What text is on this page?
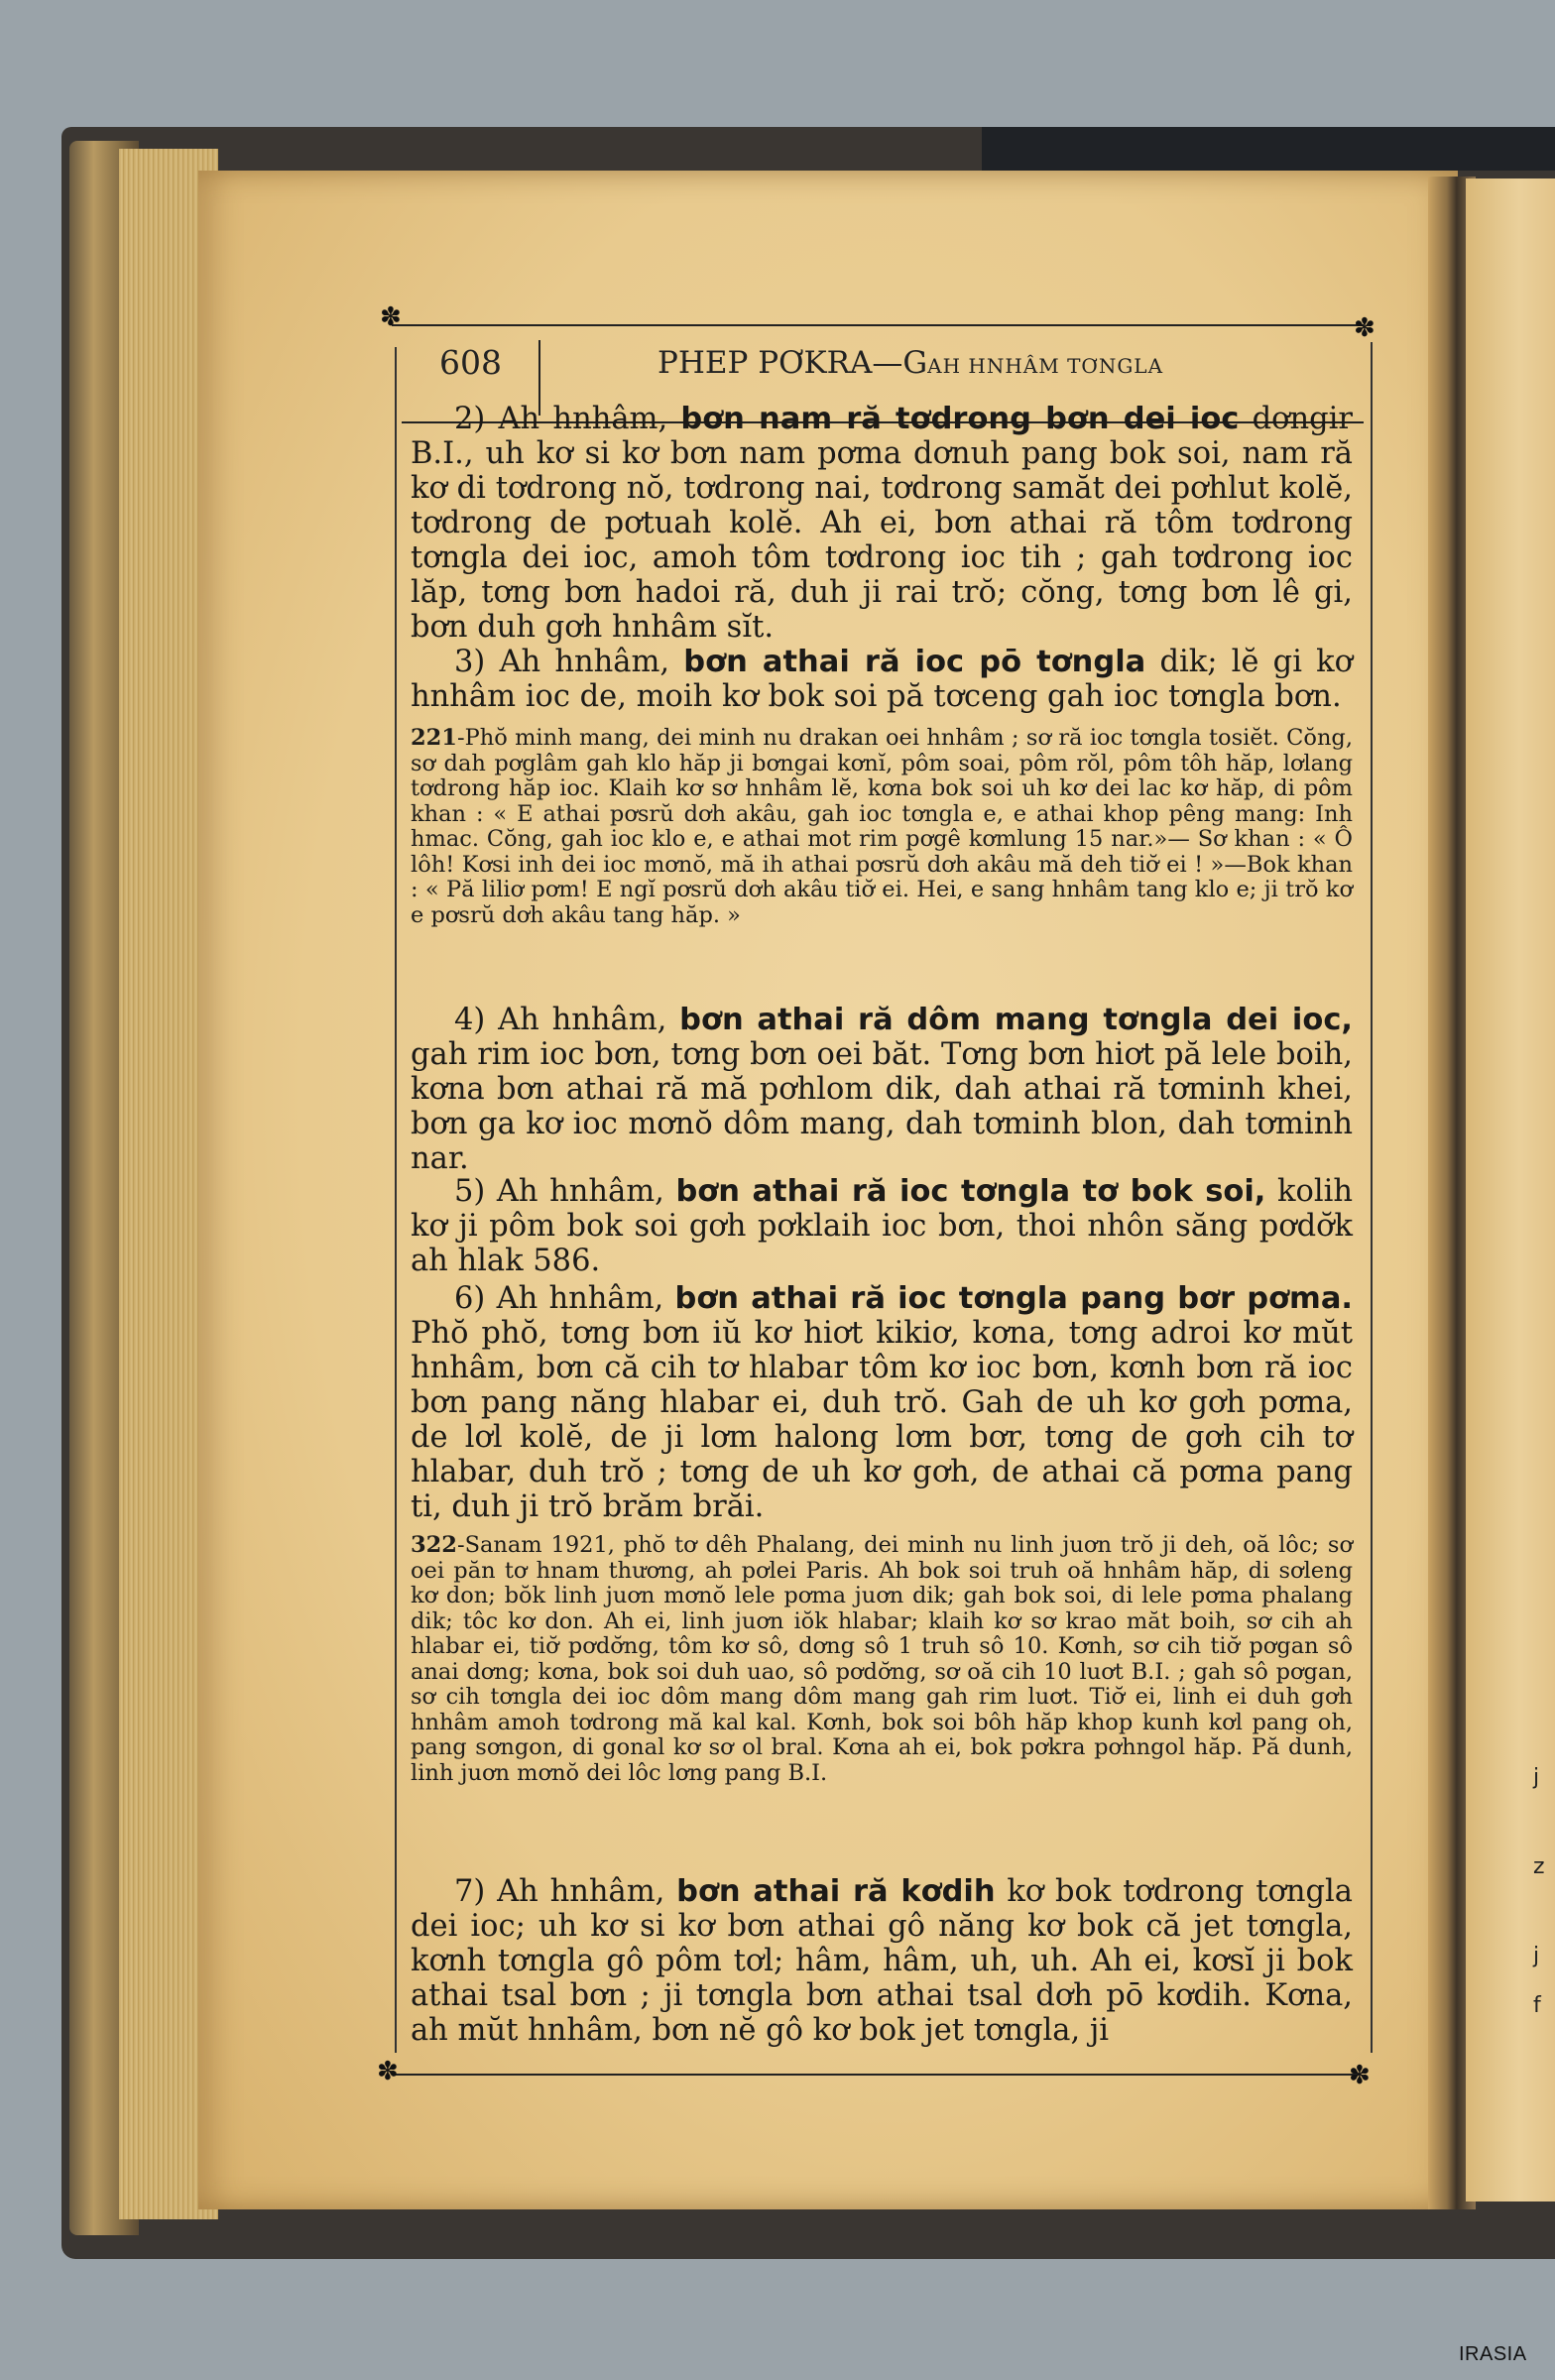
j
z
j
f
✽	✽
✽	✽
608	PHEP PƠKRA—GAH HNHÂM TƠNGLA

2) Ah hnhâm, bơn nam ră tơdrong bơn dei ioc dơngir B.I., uh kơ si kơ bơn nam pơma dơnuh pang bok soi, nam ră kơ di tơdrong nŏ, tơdrong nai, tơdrong samăt dei pơhlut kolĕ, tơdrong de pơtuah kolĕ. Ah ei, bơn athai ră tôm tơdrong tơngla dei ioc, amoh tôm tơdrong ioc tih ; gah tơdrong ioc lăp, tơng bơn hadoi ră, duh ji rai trŏ; cŏng, tơng bơn lê gi, bơn duh gơh hnhâm sĭt.

3) Ah hnhâm, bơn athai ră ioc pō tơngla dik; lĕ gi kơ hnhâm ioc de, moih kơ bok soi pă tơceng gah ioc tơngla bơn.

221-Phŏ minh mang, dei minh nu drakan oei hnhâm ; sơ ră ioc tơngla tosiĕt. Cŏng, sơ dah pơglâm gah klo hăp ji bơngai kơnĭ, pôm soai, pôm rŏl, pôm tôh hăp, lơlang tơdrong hăp ioc. Klaih kơ sơ hnhâm lĕ, kơna bok soi uh kơ dei lac kơ hăp, di pôm khan : « E athai pơsrŭ dơh akâu, gah ioc tơngla e, e athai khop pêng mang: Inh hmac. Cŏng, gah ioc klo e, e athai mot rim pơgê kơmlung 15 nar.»— Sơ khan : « Ô lôh! Kơsi inh dei ioc mơnŏ, mă ih athai pơsrŭ dơh akâu mă deh tiơ̆ ei ! »—Bok khan : « Pă liliơ pơm! E ngĭ pơsrŭ dơh akâu tiơ̆ ei. Hei, e sang hnhâm tang klo e; ji trŏ kơ e pơsrŭ dơh akâu tang hăp. »

4) Ah hnhâm, bơn athai ră dôm mang tơngla dei ioc, gah rim ioc bơn, tơng bơn oei băt. Tơng bơn hiơt pă lele boih, kơna bơn athai ră mă pơhlom dik, dah athai ră tơminh khei, bơn ga kơ ioc mơnŏ dôm mang, dah tơminh blon, dah tơminh nar.

5) Ah hnhâm, bơn athai ră ioc tơngla tơ bok soi, kolih kơ ji pôm bok soi gơh pơklaih ioc bơn, thoi nhôn săng pơdơ̆k ah hlak 586.

6) Ah hnhâm, bơn athai ră ioc tơngla pang bơr pơma. Phŏ phŏ, tơng bơn iŭ kơ hiơt kikiơ, kơna, tơng adroi kơ mŭt hnhâm, bơn că cih tơ hlabar tôm kơ ioc bơn, kơnh bơn ră ioc bơn pang năng hlabar ei, duh trŏ. Gah de uh kơ gơh pơma, de lơl kolĕ, de ji lơm halong lơm bơr, tơng de gơh cih tơ hlabar, duh trŏ ; tơng de uh kơ gơh, de athai că pơma pang ti, duh ji trŏ brăm brăi.

322-Sanam 1921, phŏ tơ dêh Phalang, dei minh nu linh juơn trŏ ji deh, oă lôc; sơ oei păn tơ hnam thương, ah pơlei Paris. Ah bok soi truh oă hnhâm hăp, di sơleng kơ don; bŏk linh juơn mơnŏ lele pơma juơn dik; gah bok soi, di lele pơma phalang dik; tôc kơ don. Ah ei, linh juơn iŏk hlabar; klaih kơ sơ krao măt boih, sơ cih ah hlabar ei, tiơ̆ pơdơ̆ng, tôm kơ sô, dơng sô 1 truh sô 10. Kơnh, sơ cih tiơ̆ pơgan sô anai dơng; kơna, bok soi duh uao, sô pơdơ̆ng, sơ oă cih 10 luơt B.I. ; gah sô pơgan, sơ cih tơngla dei ioc dôm mang dôm mang gah rim luơt. Tiơ̆ ei, linh ei duh gơh hnhâm amoh tơdrong mă kal kal. Kơnh, bok soi bôh hăp khop kunh kơl pang oh, pang sơngon, di gonal kơ sơ ol bral. Kơna ah ei, bok pơkra pơhngol hăp. Pă dunh, linh juơn mơnŏ dei lôc lơng pang B.I.

7) Ah hnhâm, bơn athai ră kơdih kơ bok tơdrong tơngla dei ioc; uh kơ si kơ bơn athai gô năng kơ bok că jet tơngla, kơnh tơngla gô pôm tơl; hâm, hâm, uh, uh. Ah ei, kơsĭ ji bok athai tsal bơn ; ji tơngla bơn athai tsal dơh pō kơdih. Kơna, ah mŭt hnhâm, bơn nĕ gô kơ bok jet tơngla, ji

IRASIA
